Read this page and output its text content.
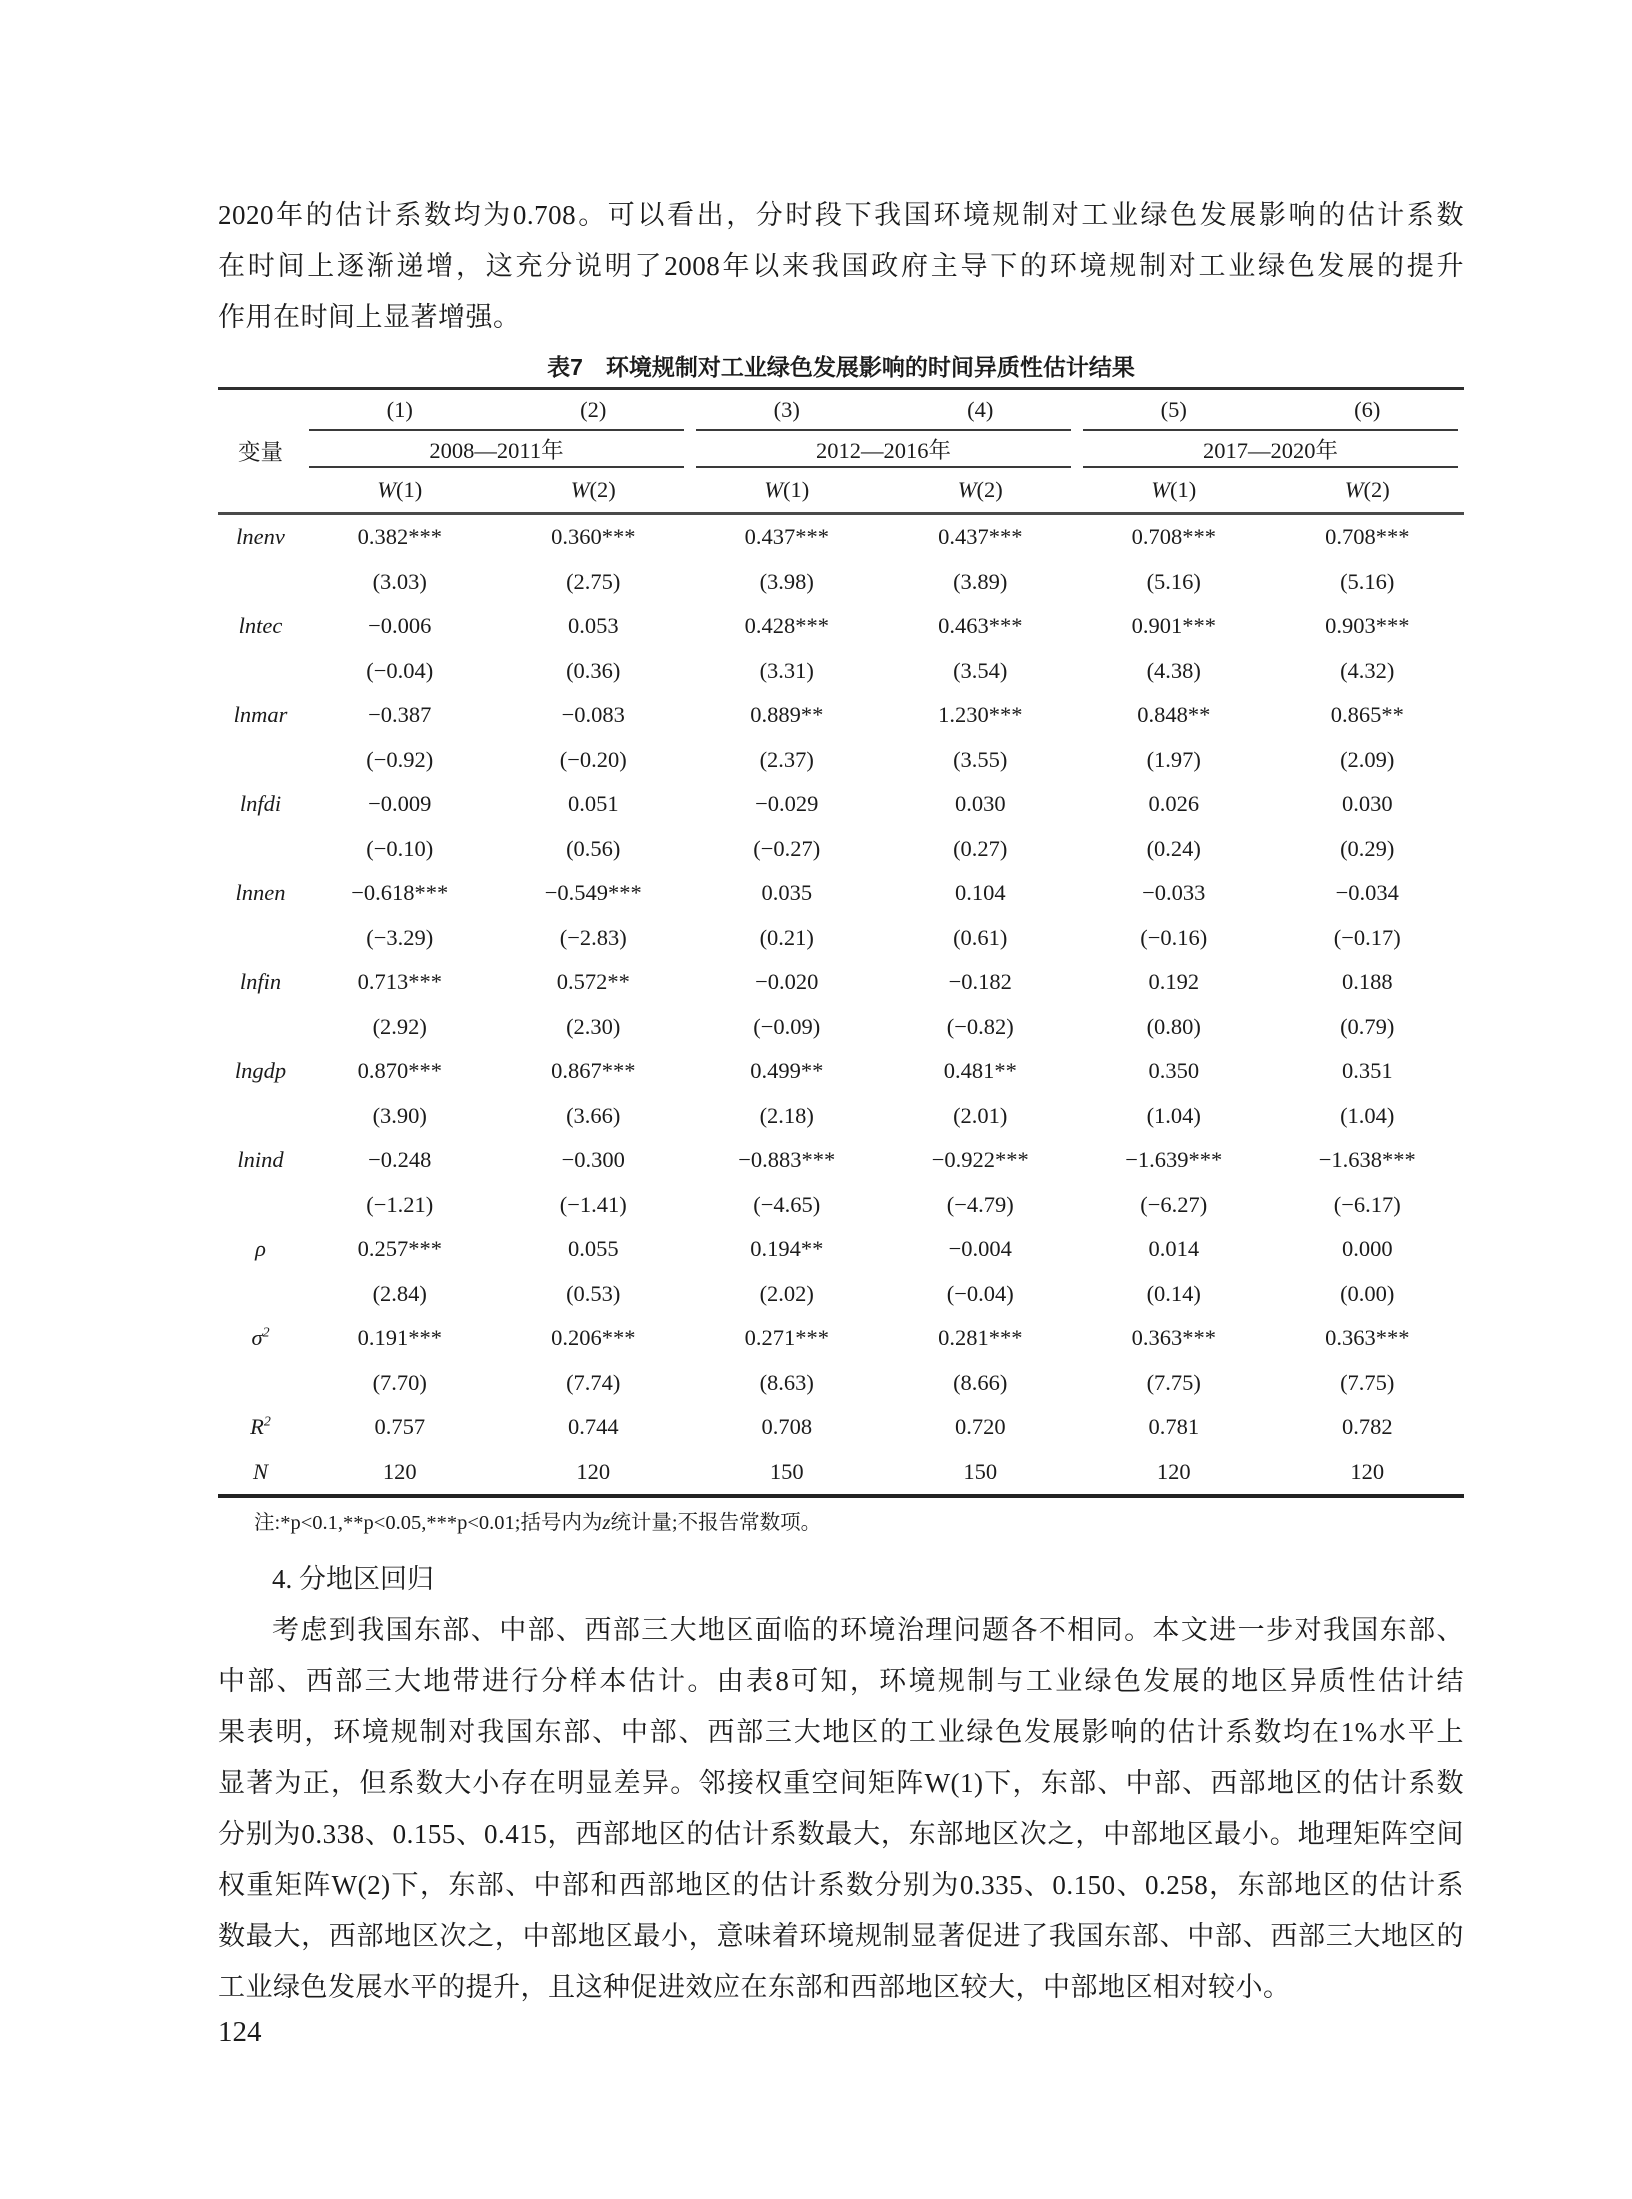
2020年的估计系数均为0.708。可以看出，分时段下我国环境规制对工业绿色发展影响的估计系数
在时间上逐渐递增，这充分说明了2008年以来我国政府主导下的环境规制对工业绿色发展的提升
作用在时间上显著增强。
表7　环境规制对工业绿色发展影响的时间异质性估计结果
变量	(1)	(2)	(3)	(4)	(5)	(6)

2008—2011年		2012—2016年		2017—2020年	

	W(1)	W(2)	W(1)	W(2)	W(1)	W(2)
lnenv	0.382***	0.360***	0.437***	0.437***	0.708***	0.708***
	(3.03)	(2.75)	(3.98)	(3.89)	(5.16)	(5.16)
lntec	−0.006	0.053	0.428***	0.463***	0.901***	0.903***
	(−0.04)	(0.36)	(3.31)	(3.54)	(4.38)	(4.32)
lnmar	−0.387	−0.083	0.889**	1.230***	0.848**	0.865**
	(−0.92)	(−0.20)	(2.37)	(3.55)	(1.97)	(2.09)
lnfdi	−0.009	0.051	−0.029	0.030	0.026	0.030
	(−0.10)	(0.56)	(−0.27)	(0.27)	(0.24)	(0.29)
lnnen	−0.618***	−0.549***	0.035	0.104	−0.033	−0.034
	(−3.29)	(−2.83)	(0.21)	(0.61)	(−0.16)	(−0.17)
lnfin	0.713***	0.572**	−0.020	−0.182	0.192	0.188
	(2.92)	(2.30)	(−0.09)	(−0.82)	(0.80)	(0.79)
lngdp	0.870***	0.867***	0.499**	0.481**	0.350	0.351
	(3.90)	(3.66)	(2.18)	(2.01)	(1.04)	(1.04)
lnind	−0.248	−0.300	−0.883***	−0.922***	−1.639***	−1.638***
	(−1.21)	(−1.41)	(−4.65)	(−4.79)	(−6.27)	(−6.17)
ρ	0.257***	0.055	0.194**	−0.004	0.014	0.000
	(2.84)	(0.53)	(2.02)	(−0.04)	(0.14)	(0.00)
$\sigma^2$	0.191***	0.206***	0.271***	0.281***	0.363***	0.363***
	(7.70)	(7.74)	(8.63)	(8.66)	(7.75)	(7.75)
$R^2$	0.757	0.744	0.708	0.720	0.781	0.782
N	120	120	150	150	120	120
注:*p<0.1,**p<0.05,***p<0.01;括号内为z统计量;不报告常数项。
4. 分地区回归
考虑到我国东部、中部、西部三大地区面临的环境治理问题各不相同。本文进一步对我国东部、
中部、西部三大地带进行分样本估计。由表8可知，环境规制与工业绿色发展的地区异质性估计结
果表明，环境规制对我国东部、中部、西部三大地区的工业绿色发展影响的估计系数均在1%水平上
显著为正，但系数大小存在明显差异。邻接权重空间矩阵W(1)下，东部、中部、西部地区的估计系数
分别为0.338、0.155、0.415，西部地区的估计系数最大，东部地区次之，中部地区最小。地理矩阵空间
权重矩阵W(2)下，东部、中部和西部地区的估计系数分别为0.335、0.150、0.258，东部地区的估计系
数最大，西部地区次之，中部地区最小，意味着环境规制显著促进了我国东部、中部、西部三大地区的
工业绿色发展水平的提升，且这种促进效应在东部和西部地区较大，中部地区相对较小。
124
